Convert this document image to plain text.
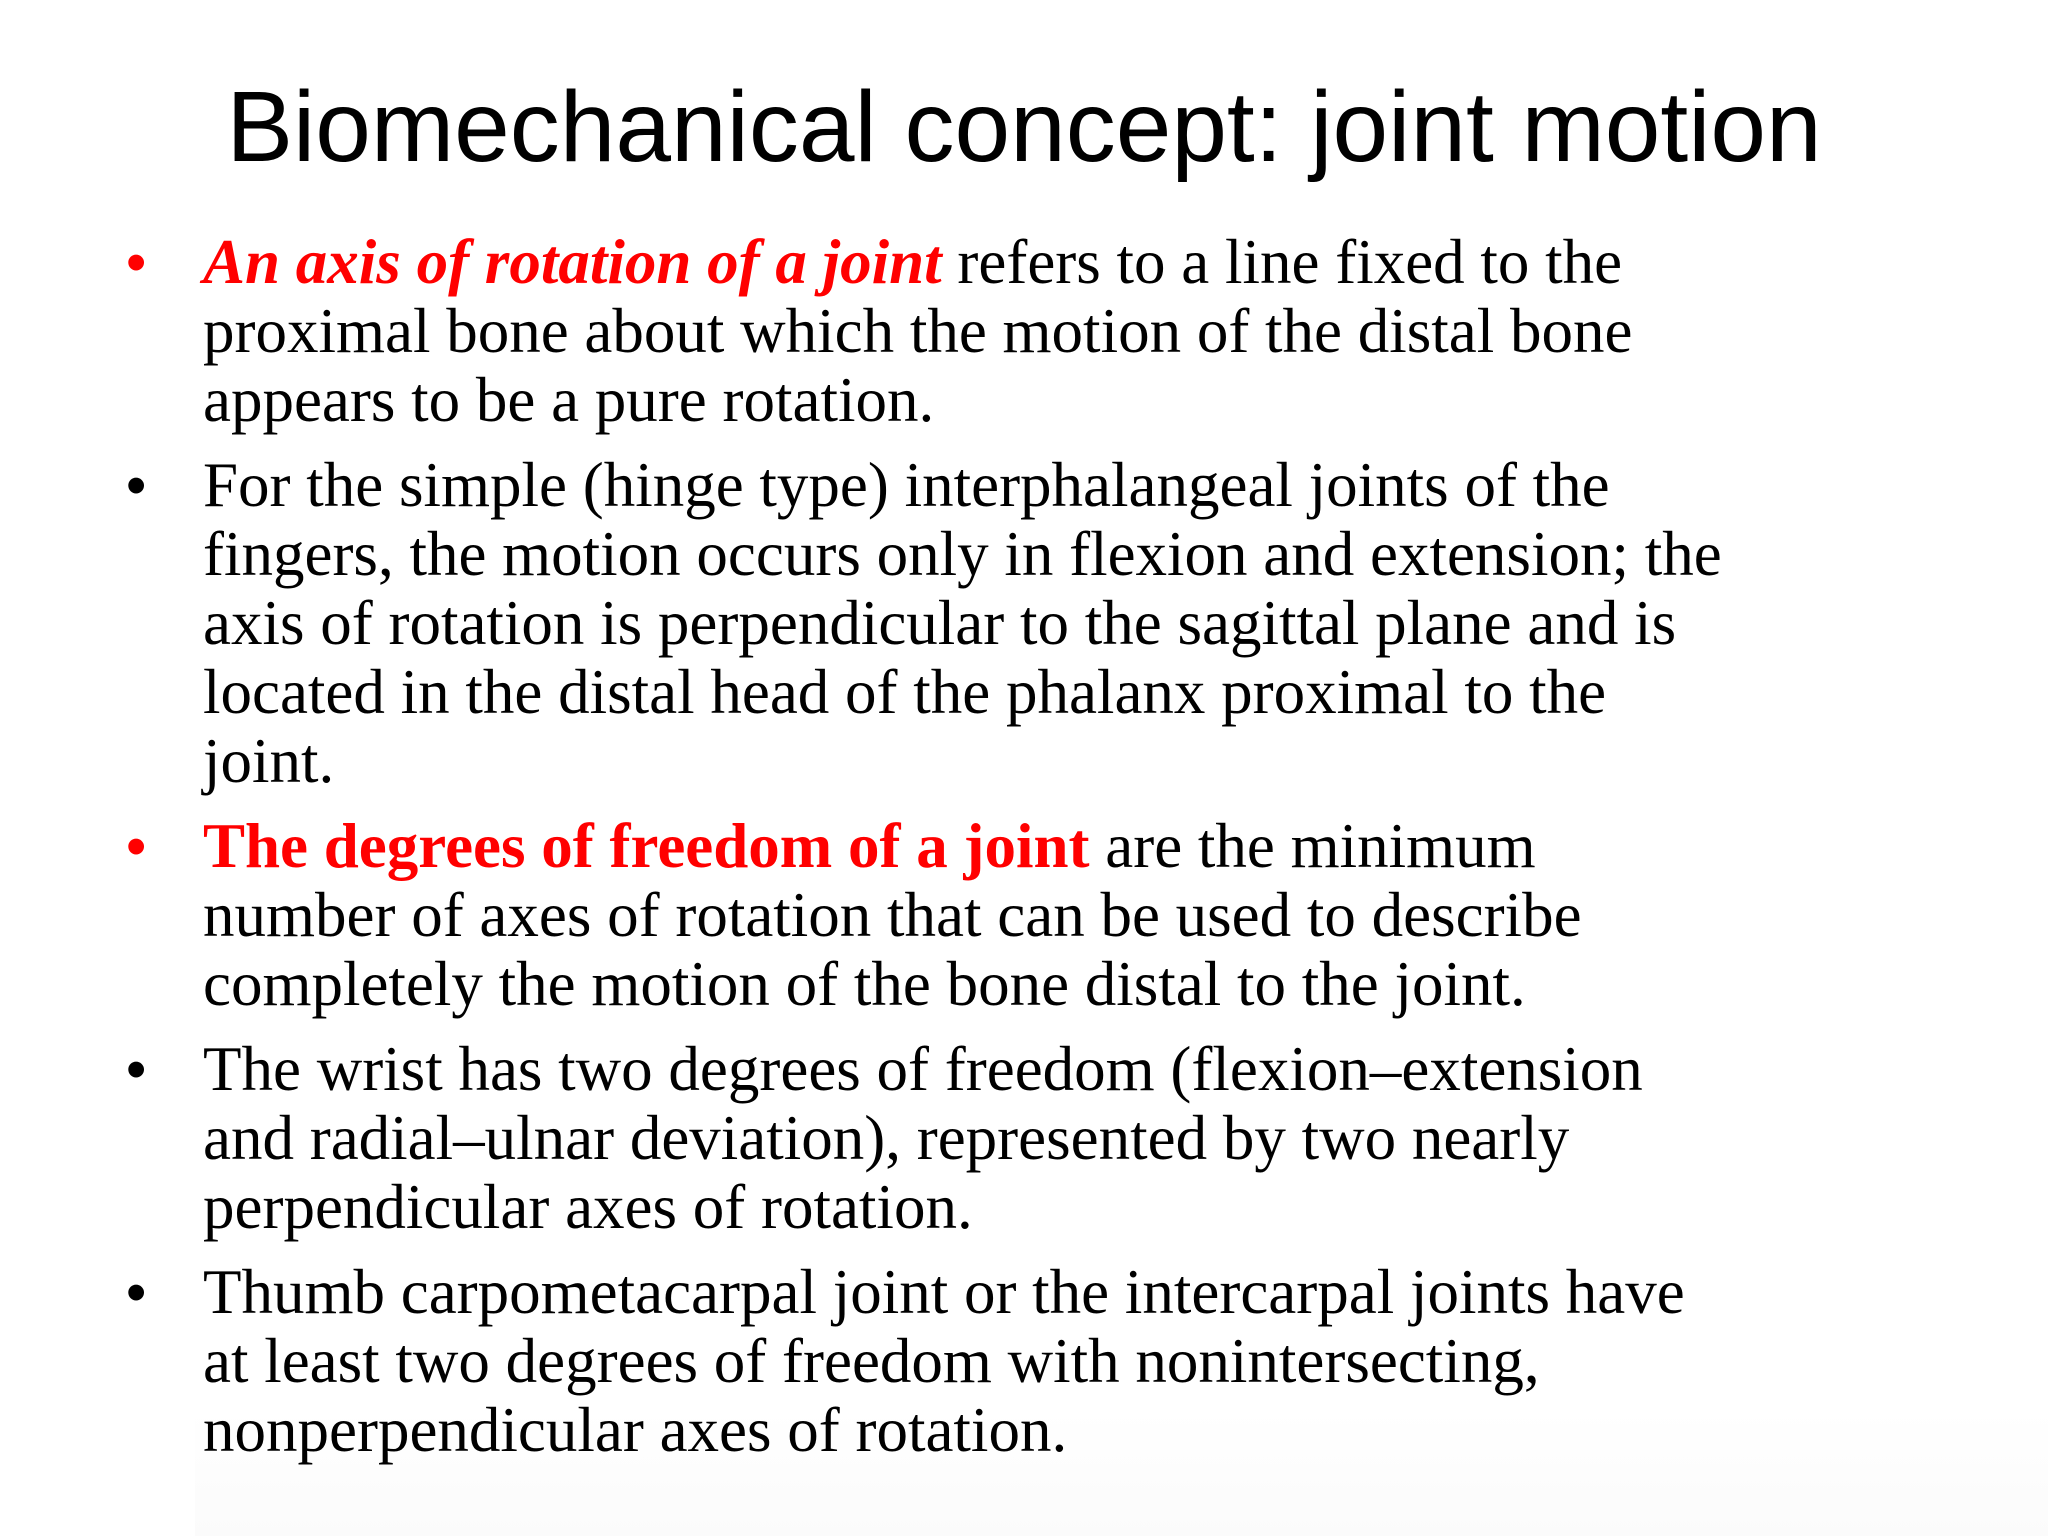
Biomechanical concept: joint motion
• An axis of rotation of a joint refers to a line fixed to the
proximal bone about which the motion of the distal bone
appears to be a pure rotation.
• For the simple (hinge type) interphalangeal joints of the
fingers, the motion occurs only in flexion and extension; the
axis of rotation is perpendicular to the sagittal plane and is
located in the distal head of the phalanx proximal to the
joint.
• The degrees of freedom of a joint are the minimum
number of axes of rotation that can be used to describe
completely the motion of the bone distal to the joint.
• The wrist has two degrees of freedom (flexion–extension
and radial–ulnar deviation), represented by two nearly
perpendicular axes of rotation.
• Thumb carpometacarpal joint or the intercarpal joints have
at least two degrees of freedom with nonintersecting,
nonperpendicular axes of rotation.
